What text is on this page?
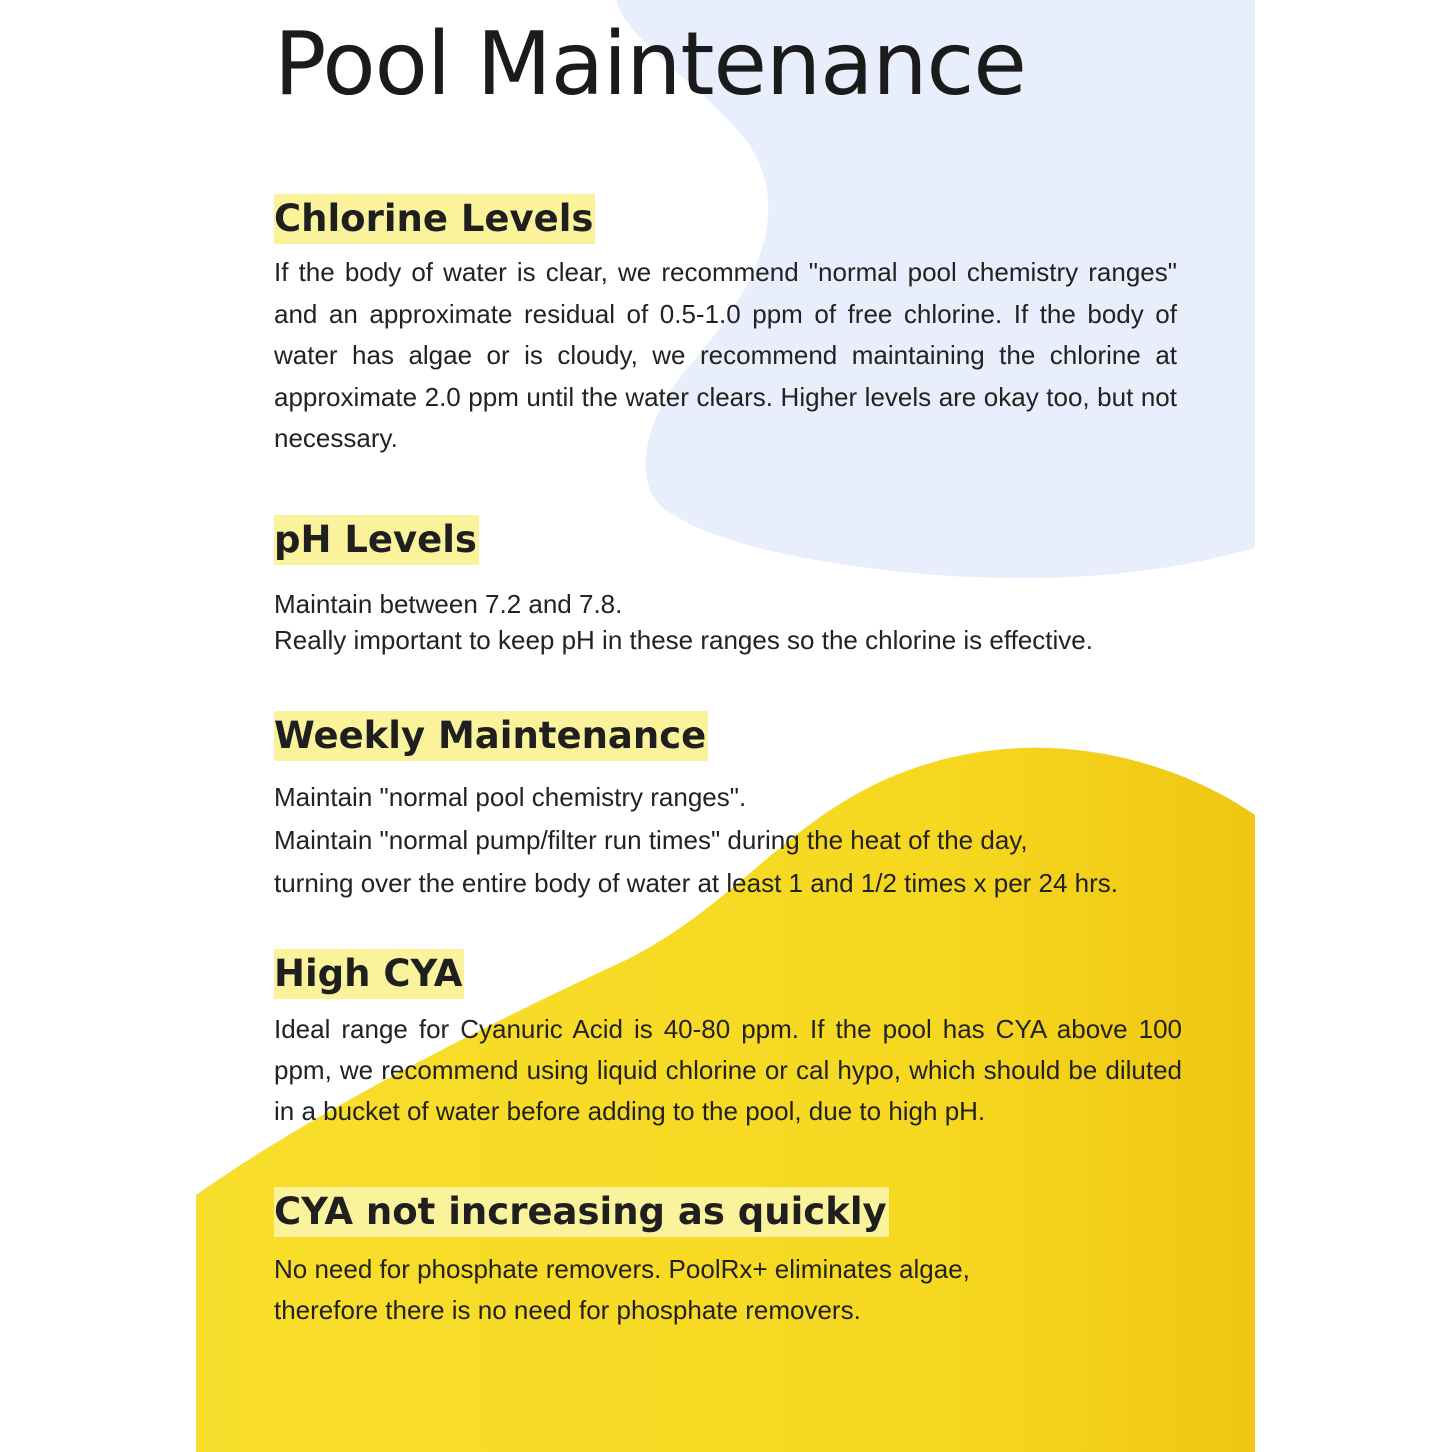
Pool Maintenance
Chlorine Levels

If the body of water is clear, we recommend "normal pool chemistry ranges" and an approximate residual of 0.5-1.0 ppm of free chlorine. If the body of water has algae or is cloudy, we recommend maintaining the chlorine at approximate 2.0 ppm until the water clears. Higher levels are okay too, but not necessary.

pH Levels

Maintain between 7.2 and 7.8.
Really important to keep pH in these ranges so the chlorine is effective.

Weekly Maintenance

Maintain "normal pool chemistry ranges".
Maintain "normal pump/filter run times" during the heat of the day,
turning over the entire body of water at least 1 and 1/2 times x per 24 hrs.

High CYA

Ideal range for Cyanuric Acid is 40-80 ppm. If the pool has CYA above 100 ppm, we recommend using liquid chlorine or cal hypo, which should be diluted in a bucket of water before adding to the pool, due to high pH.

CYA not increasing as quickly

No need for phosphate removers. PoolRx+ eliminates algae,
therefore there is no need for phosphate removers.
